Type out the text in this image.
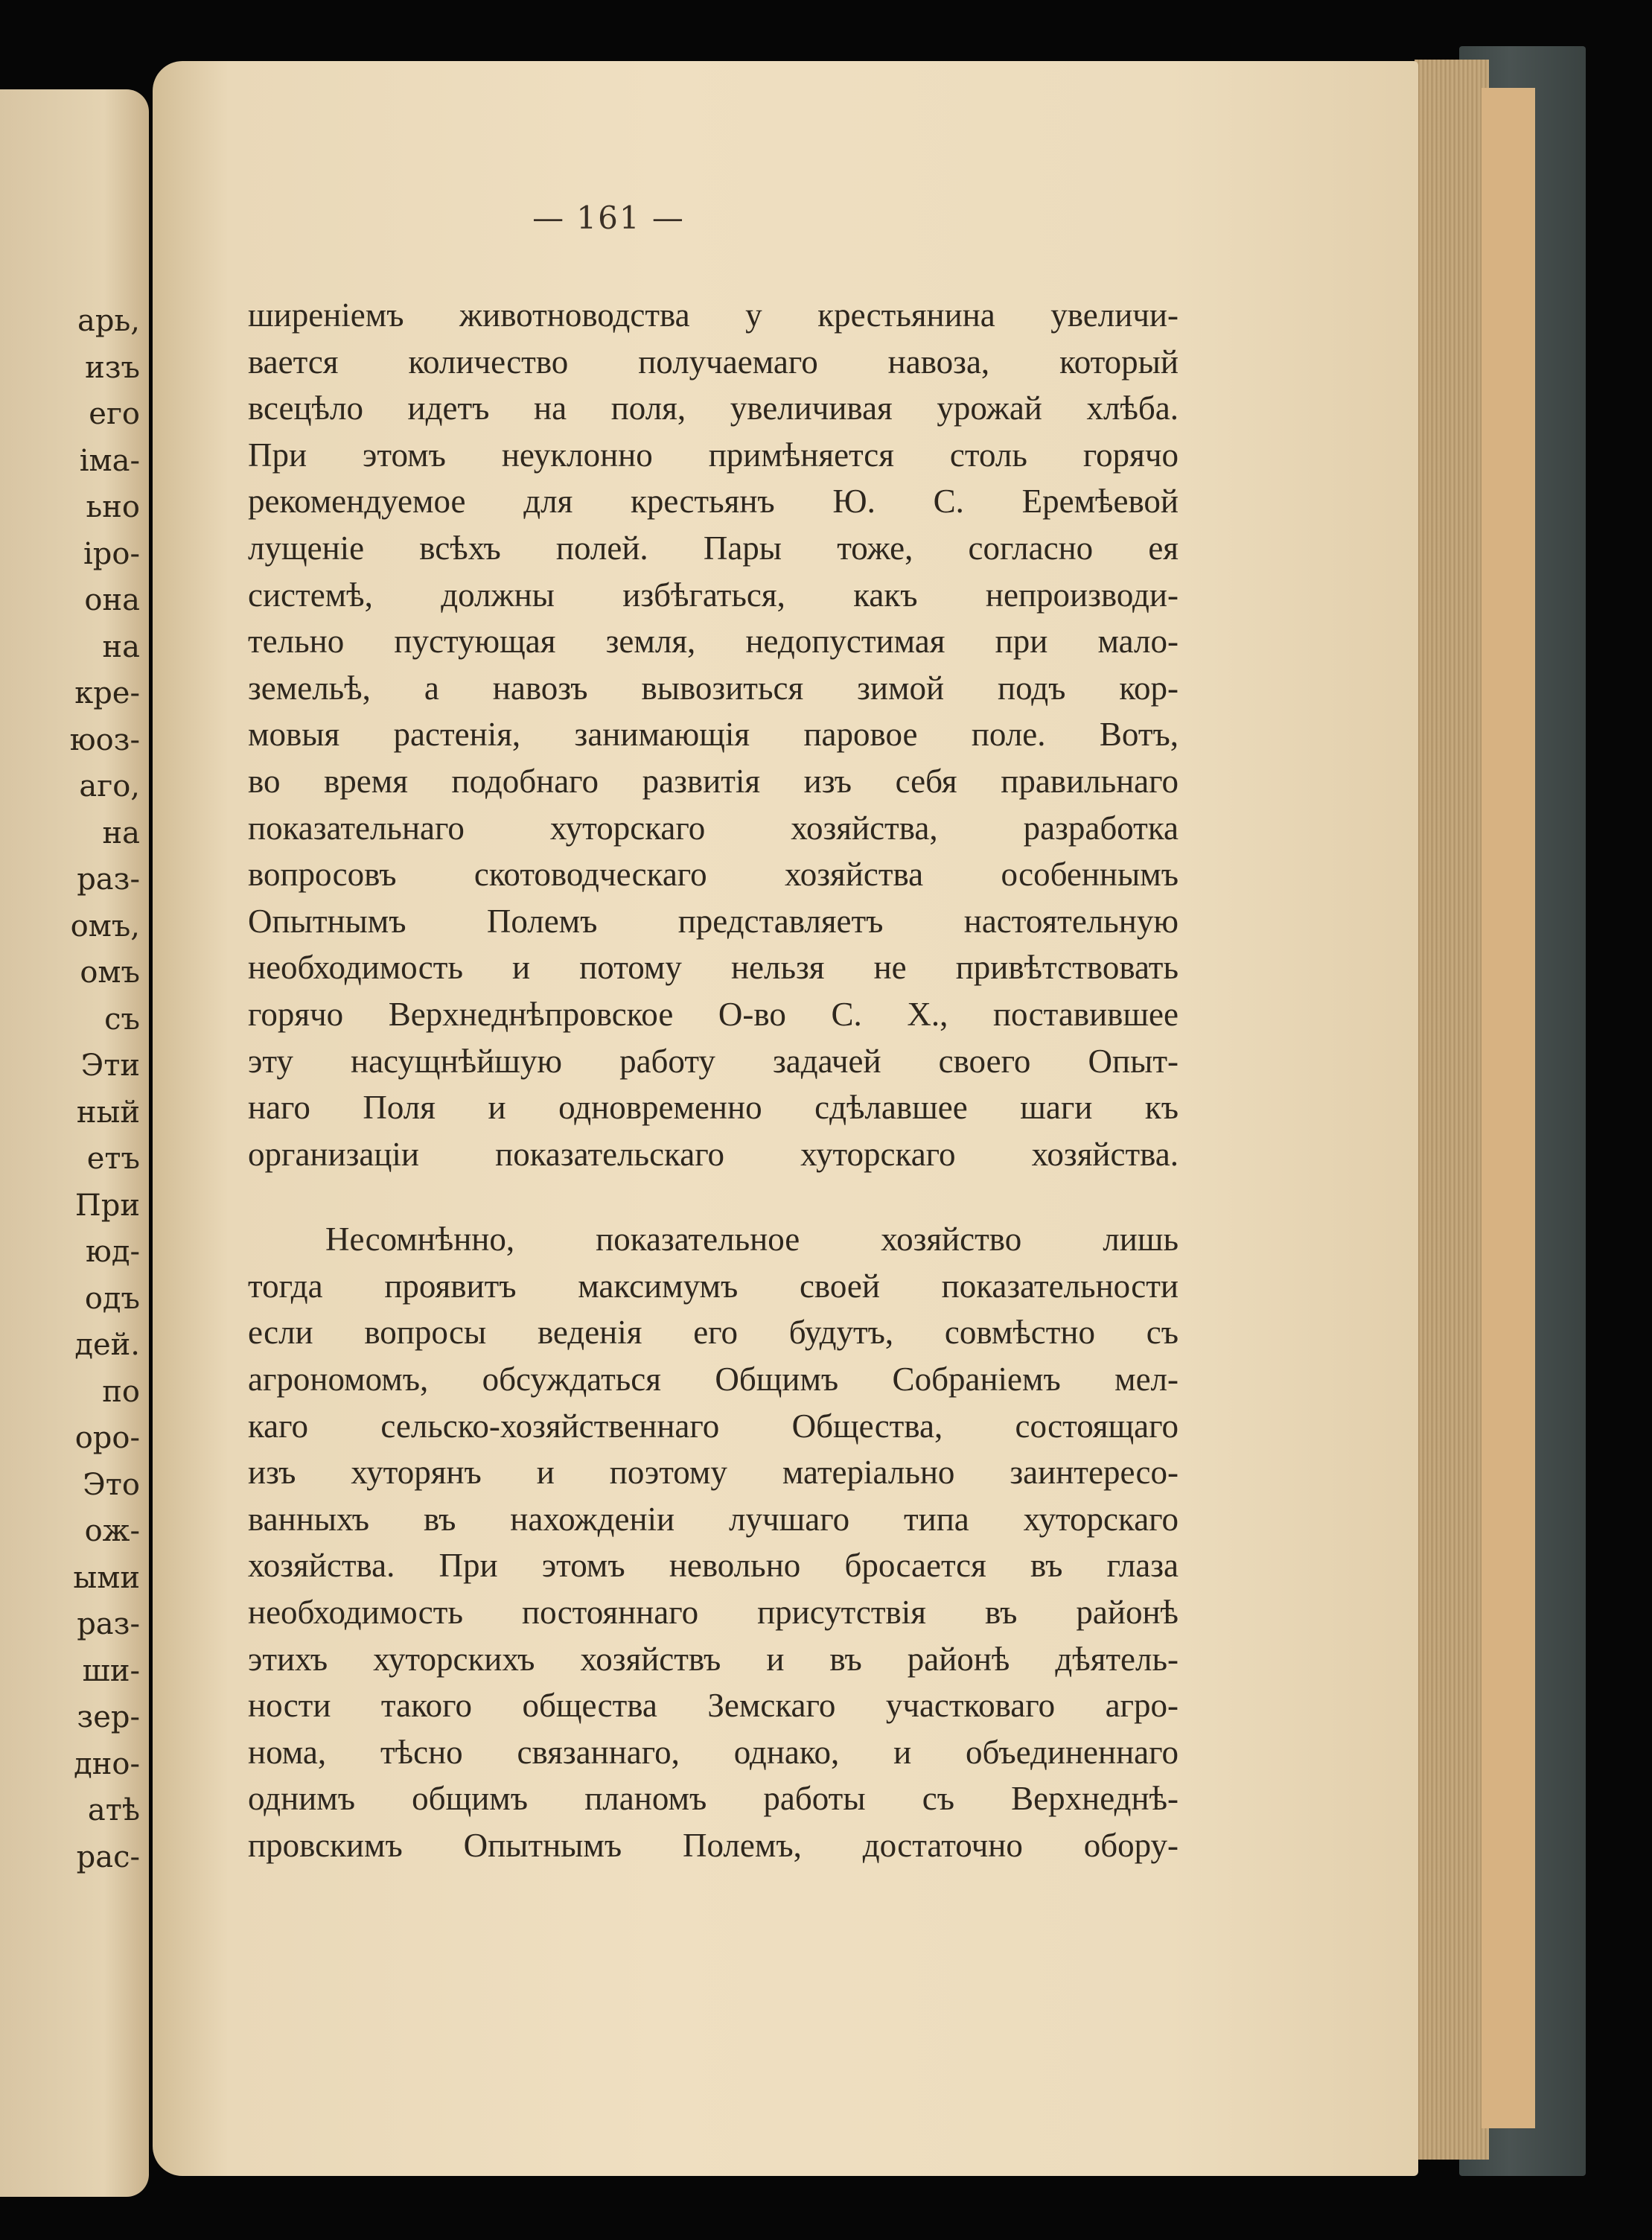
арь,
изъ
его
іма-
ьно
іро-
она
на
кре-
юоз-
аго,
на
раз-
омъ,
омъ
съ
Эти
ный
етъ
При
юд-
одъ
дей.
по
оро-
Это
ож-
ыми
раз-
ши-
зер-
дно-
атѣ
рас-
— 161 —
ширеніемъ животноводства у крестьянина увеличи-
вается количество получаемаго навоза, который
всецѣло идетъ на поля, увеличивая урожай хлѣба.
При этомъ неуклонно примѣняется столь горячо
рекомендуемое для крестьянъ Ю. С. Еремѣевой
лущеніе всѣхъ полей. Пары тоже, согласно ея
системѣ, должны избѣгаться, какъ непроизводи-
тельно пустующая земля, недопустимая при мало-
земельѣ, а навозъ вывозиться зимой подъ кор-
мовыя растенія, занимающія паровое поле. Вотъ,
во время подобнаго развитія изъ себя правильнаго
показательнаго хуторскаго хозяйства, разработка
вопросовъ скотоводческаго хозяйства особеннымъ
Опытнымъ Полемъ представляетъ настоятельную
необходимость и потому нельзя не привѣтствовать
горячо Верхнеднѣпровское О-во С. Х., поставившее
эту насущнѣйшую работу задачей своего Опыт-
наго Поля и одновременно сдѣлавшее шаги къ
организаціи показательскаго хуторскаго хозяйства.
Несомнѣнно, показательное хозяйство лишь
тогда проявитъ максимумъ своей показательности
если вопросы веденія его будутъ, совмѣстно съ
агрономомъ, обсуждаться Общимъ Собраніемъ мел-
каго сельско-хозяйственнаго Общества, состоящаго
изъ хуторянъ и поэтому матеріально заинтересо-
ванныхъ въ нахожденіи лучшаго типа хуторскаго
хозяйства. При этомъ невольно бросается въ глаза
необходимость постояннаго присутствія въ районѣ
этихъ хуторскихъ хозяйствъ и въ районѣ дѣятель-
ности такого общества Земскаго участковаго агро-
нома, тѣсно связаннаго, однако, и объединеннаго
однимъ общимъ планомъ работы съ Верхнеднѣ-
провскимъ Опытнымъ Полемъ, достаточно обору-
